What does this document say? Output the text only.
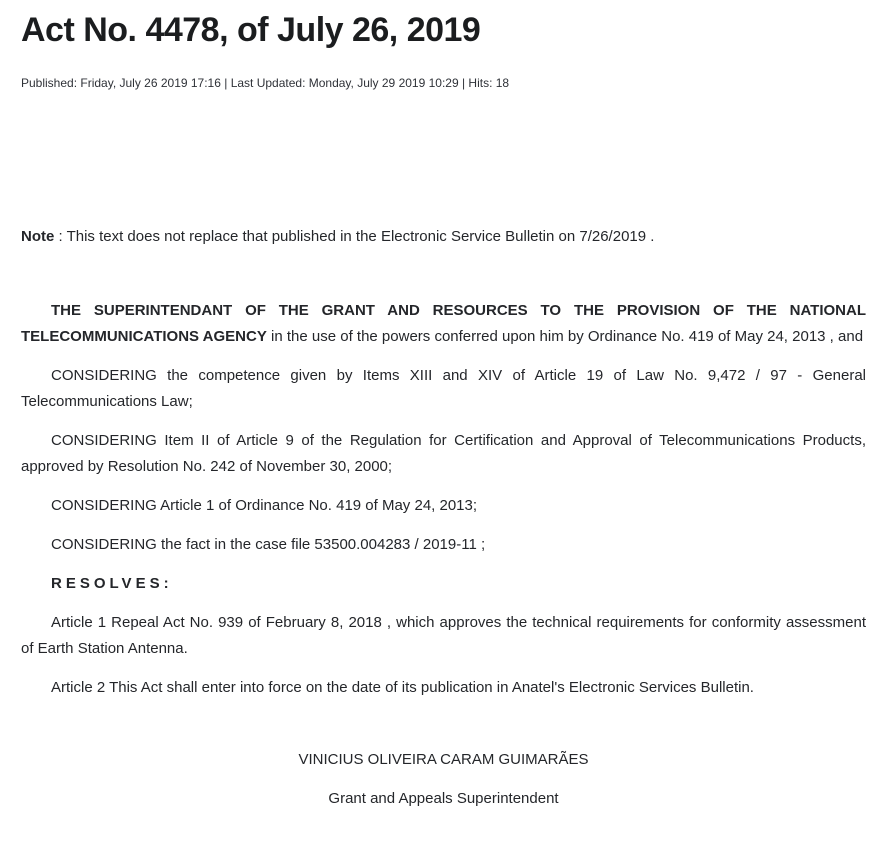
Act No. 4478, of July 26, 2019

Published: Friday, July 26 2019 17:16 | Last Updated: Monday, July 29 2019 10:29 | Hits: 18

Note : This text does not replace that published in the Electronic Service Bulletin on 7/26/2019 .

THE SUPERINTENDANT OF THE GRANT AND RESOURCES TO THE PROVISION OF THE NATIONAL TELECOMMUNICATIONS AGENCY in the use of the powers conferred upon him by Ordinance No. 419 of May 24, 2013 , and

CONSIDERING the competence given by Items XIII and XIV of Article 19 of Law No. 9,472 / 97 - General Telecommunications Law;

CONSIDERING Item II of Article 9 of the Regulation for Certification and Approval of Telecommunications Products, approved by Resolution No. 242 of November 30, 2000;

CONSIDERING Article 1 of Ordinance No. 419 of May 24, 2013;

CONSIDERING the fact in the case file 53500.004283 / 2019-11 ;

RESOLVES:

Article 1 Repeal Act No. 939 of February 8, 2018 , which approves the technical requirements for conformity assessment of Earth Station Antenna.

Article 2 This Act shall enter into force on the date of its publication in Anatel's Electronic Services Bulletin.

VINICIUS OLIVEIRA CARAM GUIMARÃES

Grant and Appeals Superintendent
